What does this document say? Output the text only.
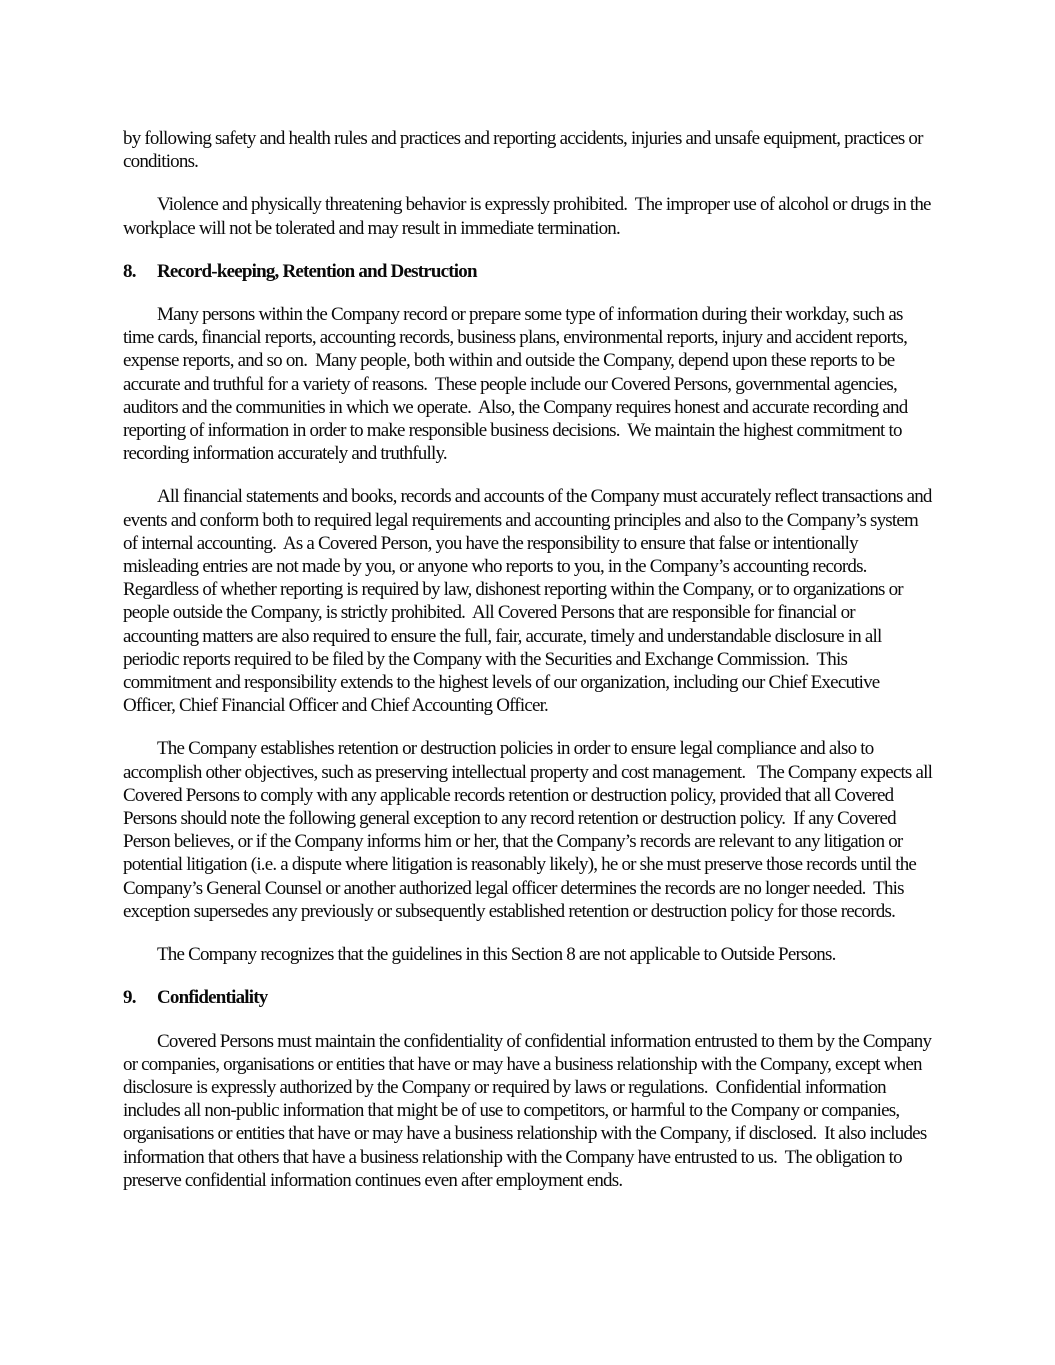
by following safety and health rules and practices and reporting accidents, injuries and unsafe equipment, practices or conditions.

Violence and physically threatening behavior is expressly prohibited.  The improper use of alcohol or drugs in the workplace will not be tolerated and may result in immediate termination.

8.	Record-keeping, Retention and Destruction

Many persons within the Company record or prepare some type of information during their workday, such as time cards, financial reports, accounting records, business plans, environmental reports, injury and accident reports, expense reports, and so on.  Many people, both within and outside the Company, depend upon these reports to be accurate and truthful for a variety of reasons.  These people include our Covered Persons, governmental agencies, auditors and the communities in which we operate.  Also, the Company requires honest and accurate recording and reporting of information in order to make responsible business decisions.  We maintain the highest commitment to recording information accurately and truthfully.

All financial statements and books, records and accounts of the Company must accurately reflect transactions and events and conform both to required legal requirements and accounting principles and also to the Company’s system of internal accounting.  As a Covered Person, you have the responsibility to ensure that false or intentionally misleading entries are not made by you, or anyone who reports to you, in the Company’s accounting records.  Regardless of whether reporting is required by law, dishonest reporting within the Company, or to organizations or people outside the Company, is strictly prohibited.  All Covered Persons that are responsible for financial or accounting matters are also required to ensure the full, fair, accurate, timely and understandable disclosure in all periodic reports required to be filed by the Company with the Securities and Exchange Commission.  This commitment and responsibility extends to the highest levels of our organization, including our Chief Executive Officer, Chief Financial Officer and Chief Accounting Officer.

The Company establishes retention or destruction policies in order to ensure legal compliance and also to accomplish other objectives, such as preserving intellectual property and cost management.   The Company expects all Covered Persons to comply with any applicable records retention or destruction policy, provided that all Covered Persons should note the following general exception to any record retention or destruction policy.  If any Covered Person believes, or if the Company informs him or her, that the Company’s records are relevant to any litigation or potential litigation (i.e. a dispute where litigation is reasonably likely), he or she must preserve those records until the Company’s General Counsel or another authorized legal officer determines the records are no longer needed.  This exception supersedes any previously or subsequently established retention or destruction policy for those records.

The Company recognizes that the guidelines in this Section 8 are not applicable to Outside Persons.

9.	Confidentiality

Covered Persons must maintain the confidentiality of confidential information entrusted to them by the Company or companies, organisations or entities that have or may have a business relationship with the Company, except when disclosure is expressly authorized by the Company or required by laws or regulations.  Confidential information includes all non-public information that might be of use to competitors, or harmful to the Company or companies, organisations or entities that have or may have a business relationship with the Company, if disclosed.  It also includes information that others that have a business relationship with the Company have entrusted to us.  The obligation to preserve confidential information continues even after employment ends.
